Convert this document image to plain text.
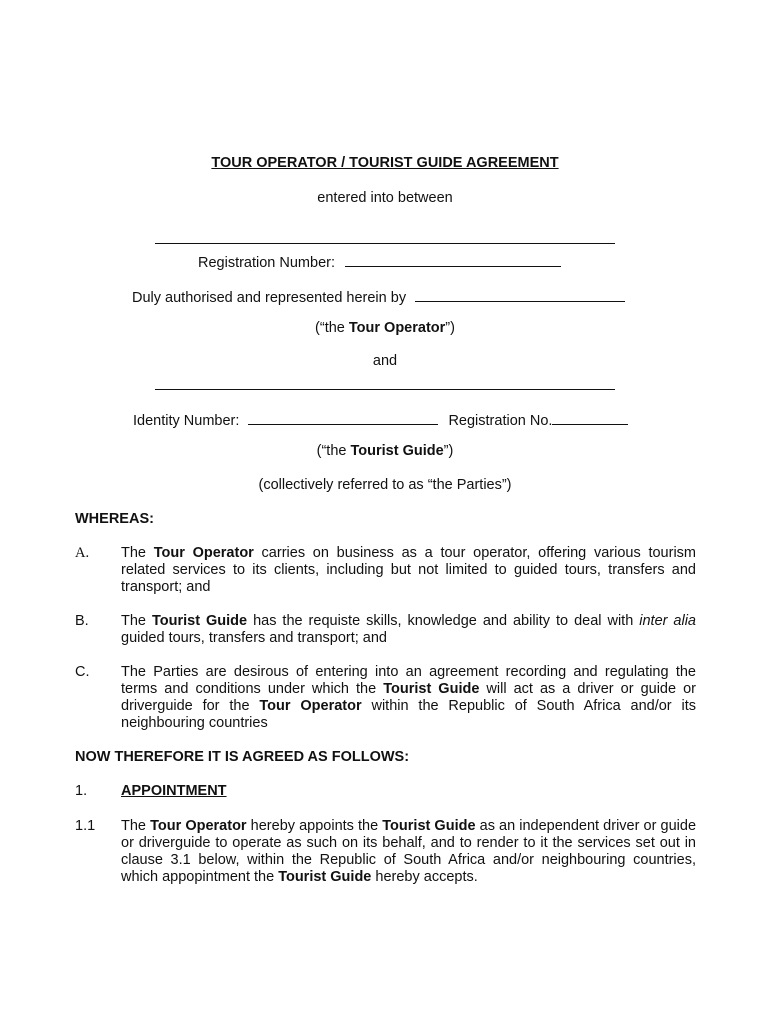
TOUR OPERATOR / TOURIST GUIDE AGREEMENT
entered into between
Registration Number:
Duly authorised and represented herein by
(“the Tour Operator”)
and
Identity Number:	Registration No.
(“the Tourist Guide”)
(collectively referred to as “the Parties”)
WHEREAS:
A. The Tour Operator carries on business as a tour operator, offering various tourism related services to its clients, including but not limited to guided tours, transfers and transport; and
B. The Tourist Guide has the requiste skills, knowledge and ability to deal with inter alia guided tours, transfers and transport; and
C. The Parties are desirous of entering into an agreement recording and regulating the terms and conditions under which the Tourist Guide will act as a driver or guide or driverguide for the Tour Operator within the Republic of South Africa and/or its neighbouring countries
NOW THEREFORE IT IS AGREED AS FOLLOWS:
1. APPOINTMENT
1.1 The Tour Operator hereby appoints the Tourist Guide as an independent driver or guide or driverguide to operate as such on its behalf, and to render to it the services set out in clause 3.1 below, within the Republic of South Africa and/or neighbouring countries, which appopintment the Tourist Guide hereby accepts.
